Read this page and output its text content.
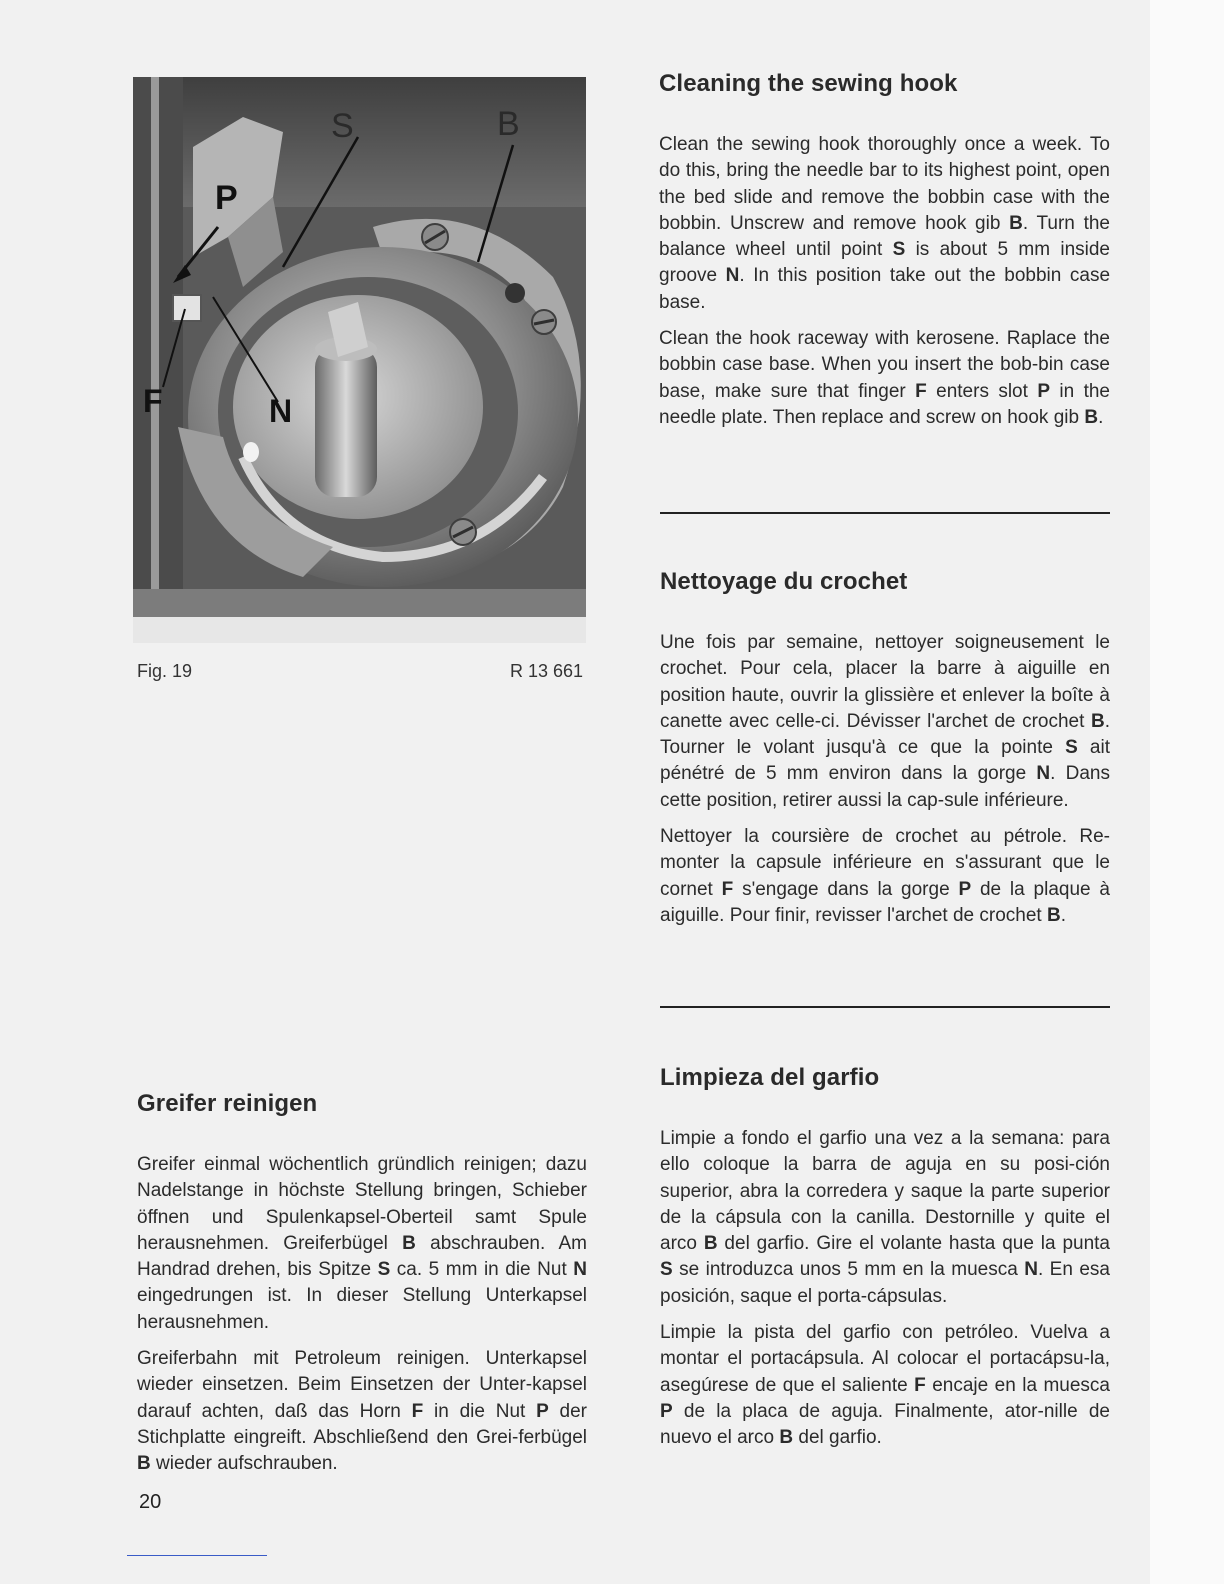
S	B
P
N
F
Fig. 19	R 13 661
Cleaning the sewing hook

Clean the sewing hook thoroughly once a week. To do this, bring the needle bar to its highest point, open the bed slide and remove the bobbin case with the bobbin. Unscrew and remove hook gib B. Turn the balance wheel until point S is about 5 mm inside groove N. In this position take out the bobbin case base.

Clean the hook raceway with kerosene. Raplace the bobbin case base. When you insert the bob-bin case base, make sure that finger F enters slot P in the needle plate. Then replace and screw on hook gib B.

Nettoyage du crochet

Une fois par semaine, nettoyer soigneusement le crochet. Pour cela, placer la barre à aiguille en position haute, ouvrir la glissière et enlever la boîte à canette avec celle-ci. Dévisser l'archet de crochet B. Tourner le volant jusqu'à ce que la pointe S ait pénétré de 5 mm environ dans la gorge N. Dans cette position, retirer aussi la cap-sule inférieure.

Nettoyer la coursière de crochet au pétrole. Re-monter la capsule inférieure en s'assurant que le cornet F s'engage dans la gorge P de la plaque à aiguille. Pour finir, revisser l'archet de crochet B.

Limpieza del garfio

Limpie a fondo el garfio una vez a la semana: para ello coloque la barra de aguja en su posi-ción superior, abra la corredera y saque la parte superior de la cápsula con la canilla. Destornille y quite el arco B del garfio. Gire el volante hasta que la punta S se introduzca unos 5 mm en la muesca N. En esa posición, saque el porta-cápsulas.

Limpie la pista del garfio con petróleo. Vuelva a montar el portacápsula. Al colocar el portacápsu-la, asegúrese de que el saliente F encaje en la muesca P de la placa de aguja. Finalmente, ator-nille de nuevo el arco B del garfio.

Greifer reinigen

Greifer einmal wöchentlich gründlich reinigen; dazu Nadelstange in höchste Stellung bringen, Schieber öffnen und Spulenkapsel-Oberteil samt Spule herausnehmen. Greiferbügel B abschrauben. Am Handrad drehen, bis Spitze S ca. 5 mm in die Nut N eingedrungen ist. In dieser Stellung Unterkapsel herausnehmen.

Greiferbahn mit Petroleum reinigen. Unterkapsel wieder einsetzen. Beim Einsetzen der Unter-kapsel darauf achten, daß das Horn F in die Nut P der Stichplatte eingreift. Abschließend den Grei-ferbügel B wieder aufschrauben.

20
